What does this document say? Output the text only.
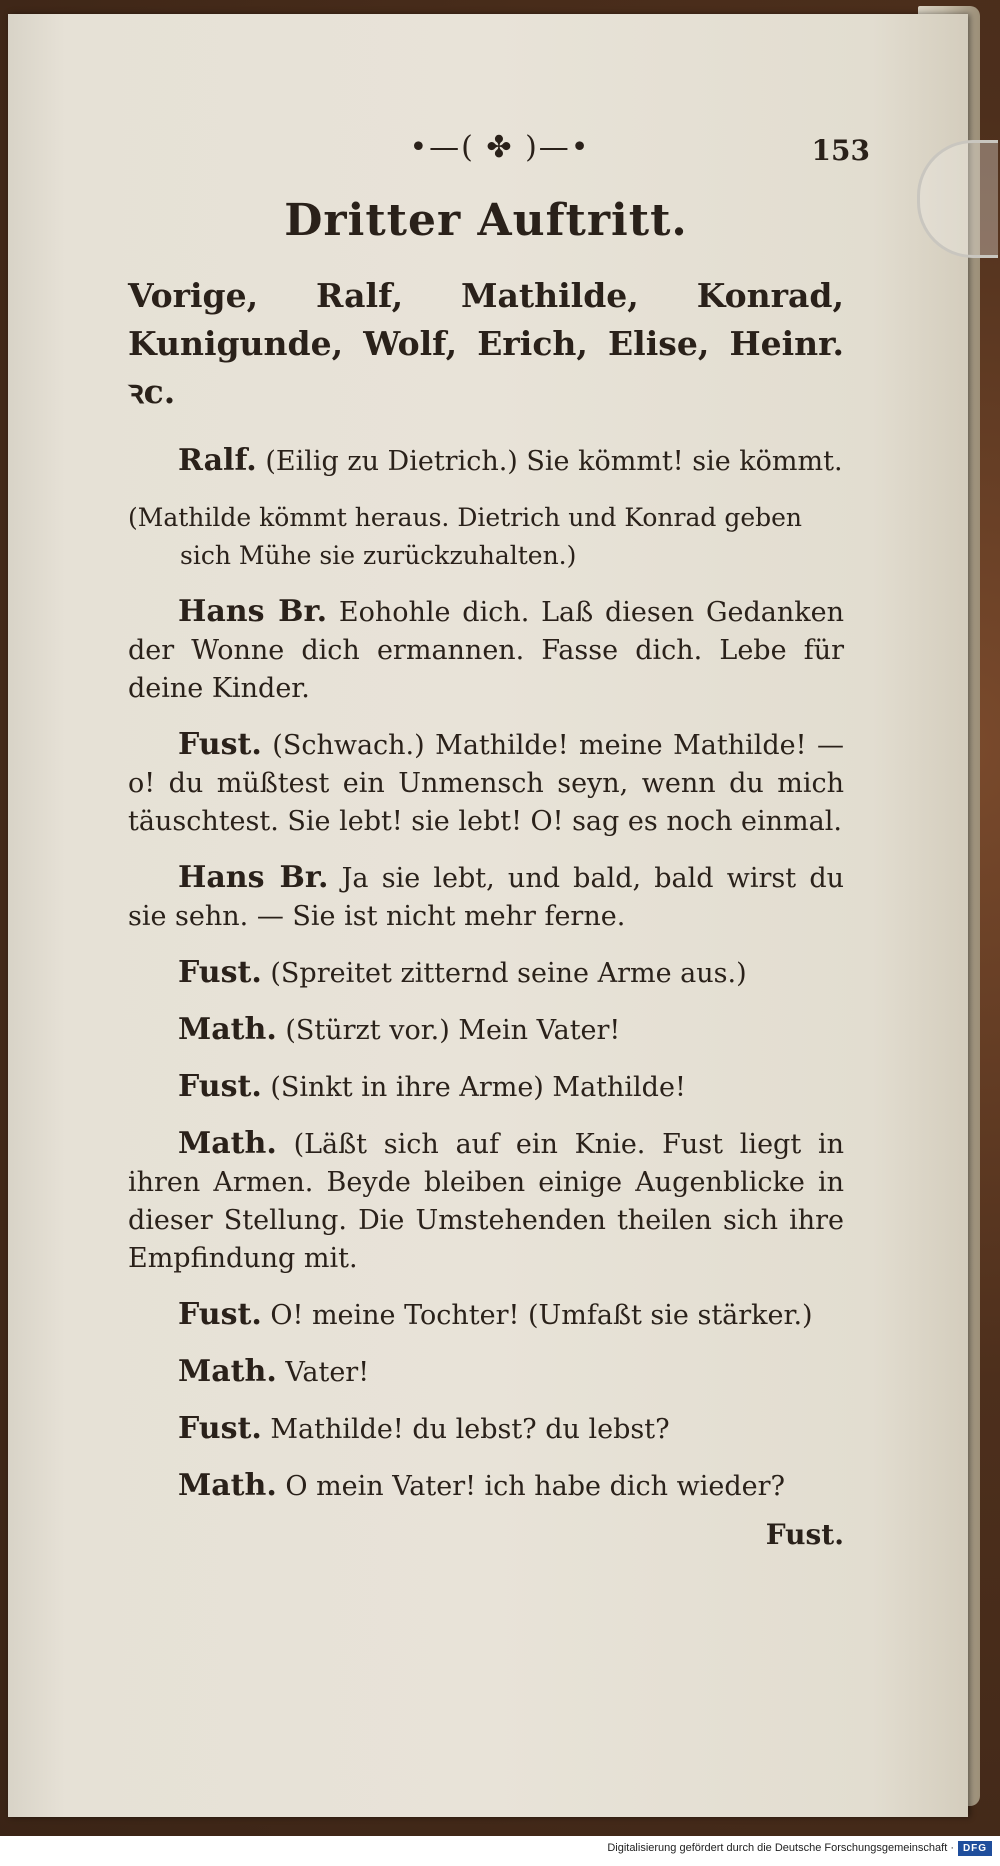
•—( ✤ )—•	153
Dritter Auftritt.
Vorige, Ralf, Mathilde, Konrad, Kunigunde, Wolf, Erich, Elise, Heinr. ꝛc.

Ralf. (Eilig zu Dietrich.) Sie kömmt! sie kömmt.

(Mathilde kömmt heraus. Dietrich und Konrad geben sich Mühe sie zurückzuhalten.)

Hans Br. Eohohle dich. Laß diesen Gedanken der Wonne dich ermannen. Fasse dich. Lebe für deine Kinder.

Fust. (Schwach.) Mathilde! meine Mathilde! — o! du müßtest ein Unmensch seyn, wenn du mich täuschtest. Sie lebt! sie lebt! O! sag es noch einmal.

Hans Br. Ja sie lebt, und bald, bald wirst du sie sehn. — Sie ist nicht mehr ferne.

Fust. (Spreitet zitternd seine Arme aus.)

Math. (Stürzt vor.) Mein Vater!

Fust. (Sinkt in ihre Arme) Mathilde!

Math. (Läßt sich auf ein Knie. Fust liegt in ihren Armen. Beyde bleiben einige Augenblicke in dieser Stellung. Die Umstehenden theilen sich ihre Empfindung mit.

Fust. O! meine Tochter! (Umfaßt sie stärker.)

Math. Vater!

Fust. Mathilde! du lebst? du lebst?

Math. O mein Vater! ich habe dich wieder?

Fust.
Digitalisierung gefördert durch die Deutsche Forschungsgemeinschaft · DFG
